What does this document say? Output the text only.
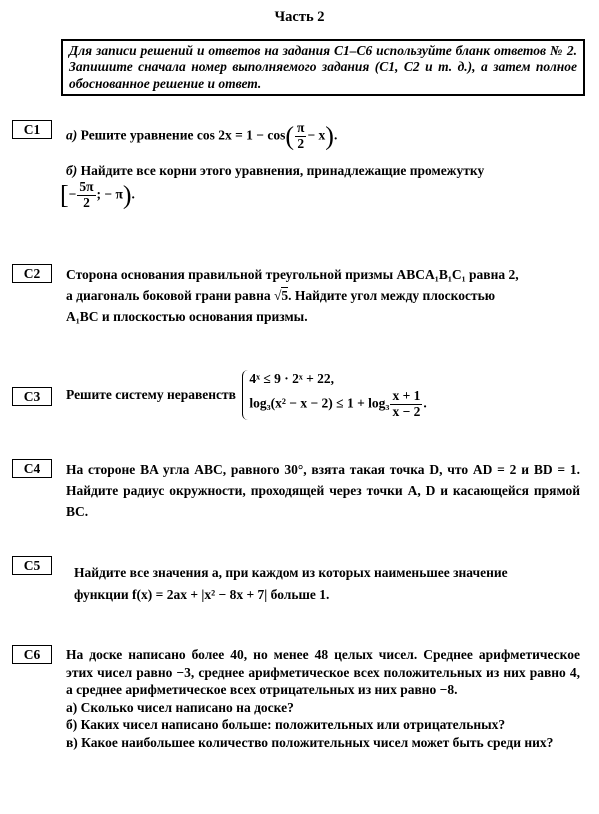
Часть 2
Для записи решений и ответов на задания С1–С6 используйте бланк ответов № 2. Запишите сначала номер выполняемого задания (С1, С2 и т. д.), а затем полное обоснованное решение и ответ.
С1	а) Решите уравнение $\cos 2x = 1 - \cos( \frac{\pi}{2} - x)$.
б) Найдите все корни этого уравнения, принадлежащие промежутку
[− $\frac{5\pi}{2}$ ; − π).
С2	Сторона основания правильной треугольной призмы ABCA₁B₁C₁ равна 2,
а диагональ боковой грани равна √5. Найдите угол между плоскостью
A₁BC и плоскостью основания призмы.
С3	Решите систему неравенств
4ˣ ≤ 9 · 2ˣ + 22,
$\log_3(x^2 - x - 2) \le 1 + \log_3 \frac{x + 1}{x - 2}$ .
С4	На стороне BA угла ABC, равного 30°, взята такая точка D, что AD = 2 и BD = 1. Найдите радиус окружности, проходящей через точки A, D и касающейся прямой BC.
С5	Найдите все значения a, при каждом из которых наименьшее значение
функции f(x) = 2ax + |x² − 8x + 7| больше 1.
С6	На доске написано более 40, но менее 48 целых чисел. Среднее арифметическое этих чисел равно −3, среднее арифметическое всех положительных из них равно 4, а среднее арифметическое всех отрицательных из них равно −8.
а) Сколько чисел написано на доске?
б) Каких чисел написано больше: положительных или отрицательных?
в) Какое наибольшее количество положительных чисел может быть среди них?
